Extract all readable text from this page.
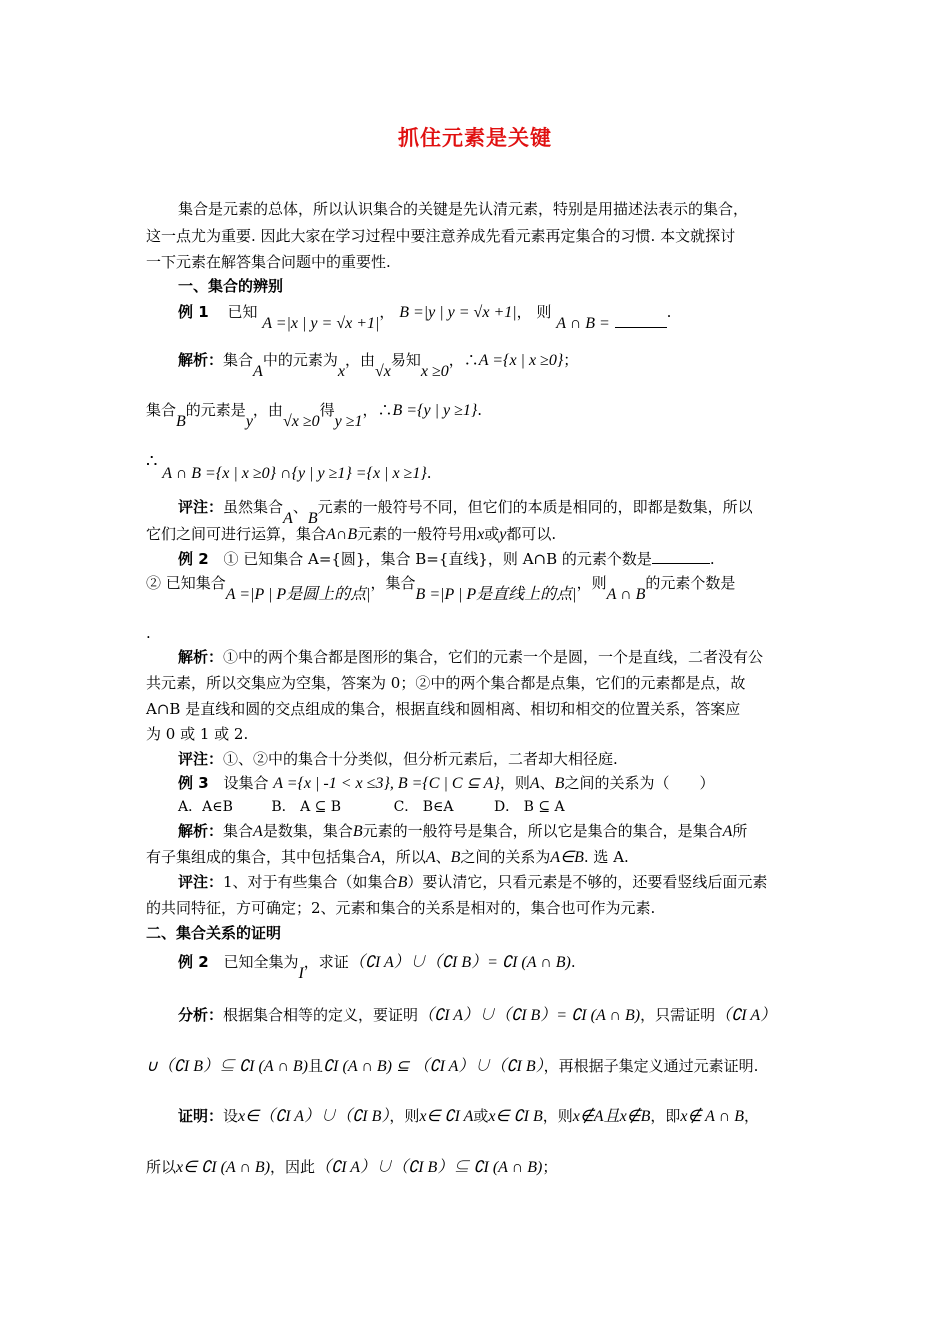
抓住元素是关键
集合是元素的总体，所以认识集合的关键是先认清元素，特别是用描述法表示的集合，
这一点尤为重要. 因此大家在学习过程中要注意养成先看元素再定集合的习惯. 本文就探讨
一下元素在解答集合问题中的重要性.
一、集合的辨别
例 1 已知 A =|x | y = √x +1|， B =|y | y = √x +1|， 则 A ∩ B = .
解析：集合A中的元素为x，由√x易知x ≥0，∴A ={x | x ≥0}；
集合B的元素是y，由√x ≥0得y ≥1，∴B ={y | y ≥1}.
∴ A ∩ B ={x | x ≥0} ∩{y | y ≥1} ={x | x ≥1}.
评注：虽然集合A、B元素的一般符号不同，但它们的本质是相同的，即都是数集，所以
它们之间可进行运算，集合A∩B元素的一般符号用x或y都可以.
例 2 ① 已知集合 A={圆}，集合 B={直线}，则 A∩B 的元素个数是	.
② 已知集合A =|P | P是圆上的点|，集合B =|P | P是直线上的点|，则A ∩ B的元素个数是
.
解析：①中的两个集合都是图形的集合，它们的元素一个是圆，一个是直线，二者没有公
共元素，所以交集应为空集，答案为 0；②中的两个集合都是点集，它们的元素都是点，故
A∩B 是直线和圆的交点组成的集合，根据直线和圆相离、相切和相交的位置关系，答案应
为 0 或 1 或 2.
评注：①、②中的集合十分类似，但分析元素后，二者却大相径庭.
例 3 设集合 A ={x | -1 < x ≤3}, B ={C | C ⊆ A}，则A、B之间的关系为（　　）
A．A∈B	B． A ⊆ B	C． B∈A	D． B ⊆ A
解析：集合A是数集，集合B元素的一般符号是集合，所以它是集合的集合，是集合A所
有子集组成的集合，其中包括集合A，所以A、B之间的关系为A∈B. 选 A.
评注：1、对于有些集合（如集合B）要认清它，只看元素是不够的，还要看竖线后面元素
的共同特征，方可确定；2、元素和集合的关系是相对的，集合也可作为元素.
二、集合关系的证明
例 2 已知全集为I，求证（∁I A）∪（∁I B）= ∁I (A ∩ B).
分析：根据集合相等的定义，要证明（∁I A）∪（∁I B）= ∁I (A ∩ B)，只需证明（∁I A）
∪（∁I B）⊆ ∁I (A ∩ B)且∁I (A ∩ B) ⊆ （∁I A）∪（∁I B），再根据子集定义通过元素证明.
证明：设x∈（∁I A）∪（∁I B），则x∈ ∁I A或x∈ ∁I B，则x∉A且x∉B，即x∉ A ∩ B，
所以x∈ ∁I (A ∩ B)，因此（∁I A）∪（∁I B）⊆ ∁I (A ∩ B)；
